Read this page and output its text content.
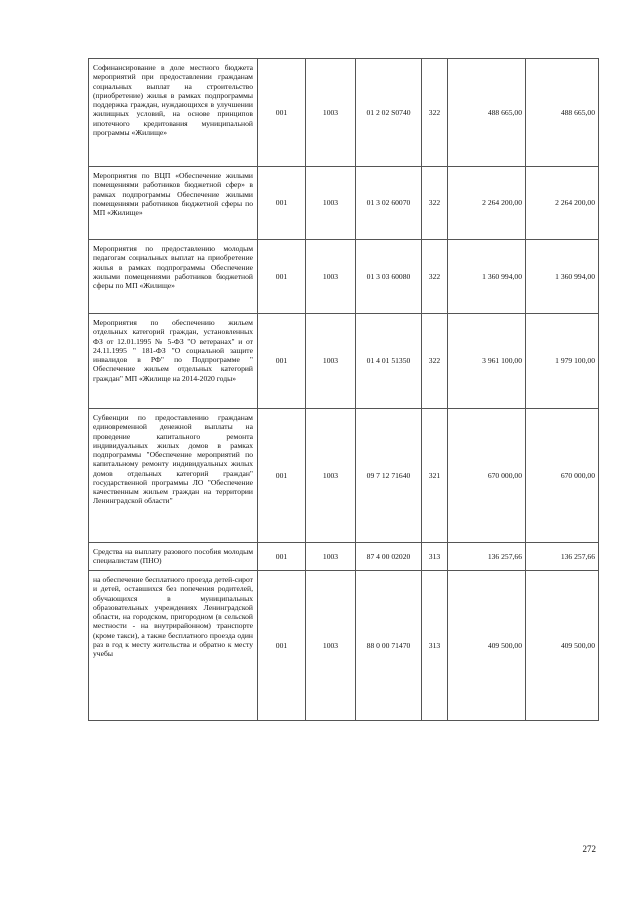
Софинансирование в доле местного бюджета мероприятий при предоставлении гражданам социальных выплат на строительство (приобретение) жилья в рамках подпрограммы поддержка граждан, нуждающихся в улучшении жилищных условий, на основе принципов ипотечного кредитования муниципальной программы «Жилище»	001	1003	01 2 02 S0740	322	488 665,00	488 665,00
Мероприятия по ВЦП «Обеспечение жилыми помещениями работников бюджетной сфер» в рамках подпрограммы Обеспечение жилыми помещениями работников бюджетной сферы по МП «Жилище»	001	1003	01 3 02 60070	322	2 264 200,00	2 264 200,00
Мероприятия по предоставлению молодым педагогам социальных выплат на приобретение жилья в рамках подпрограммы Обеспечение жилыми помещениями работников бюджетной сферы по МП «Жилище»	001	1003	01 3 03 60080	322	1 360 994,00	1 360 994,00
Мероприятия по обеспечению жильем отдельных категорий граждан, установленных ФЗ от 12.01.1995 № 5-ФЗ "О ветеранах" и от 24.11.1995 " 181-ФЗ "О социальной защите инвалидов в РФ" по Подпрограмме " Обеспечение жильем отдельных категорий граждан" МП «Жилище на 2014-2020 годы»	001	1003	01 4 01 51350	322	3 961 100,00	1 979 100,00
Субвенции по предоставлению гражданам единовременной денежной выплаты на проведение капитального ремонта индивидуальных жилых домов в рамках подпрограммы "Обеспечение мероприятий по капитальному ремонту индивидуальных жилых домов отдельных категорий граждан" государственной программы ЛО "Обеспечение качественным жильем граждан на территории Ленинградской области"	001	1003	09 7 12 71640	321	670 000,00	670 000,00
Средства на выплату разового пособия молодым специалистам (ПНО)	001	1003	87 4 00 02020	313	136 257,66	136 257,66
на обеспечение бесплатного проезда детей-сирот и детей, оставшихся без попечения родителей, обучающихся в муниципальных образовательных учреждениях Ленинградской области, на городском, пригородном (в сельской местности - на внутрирайонном) транспорте (кроме такси), а также бесплатного проезда один раз в год к месту жительства и обратно к месту учебы	001	1003	88 0 00 71470	313	409 500,00	409 500,00
272
